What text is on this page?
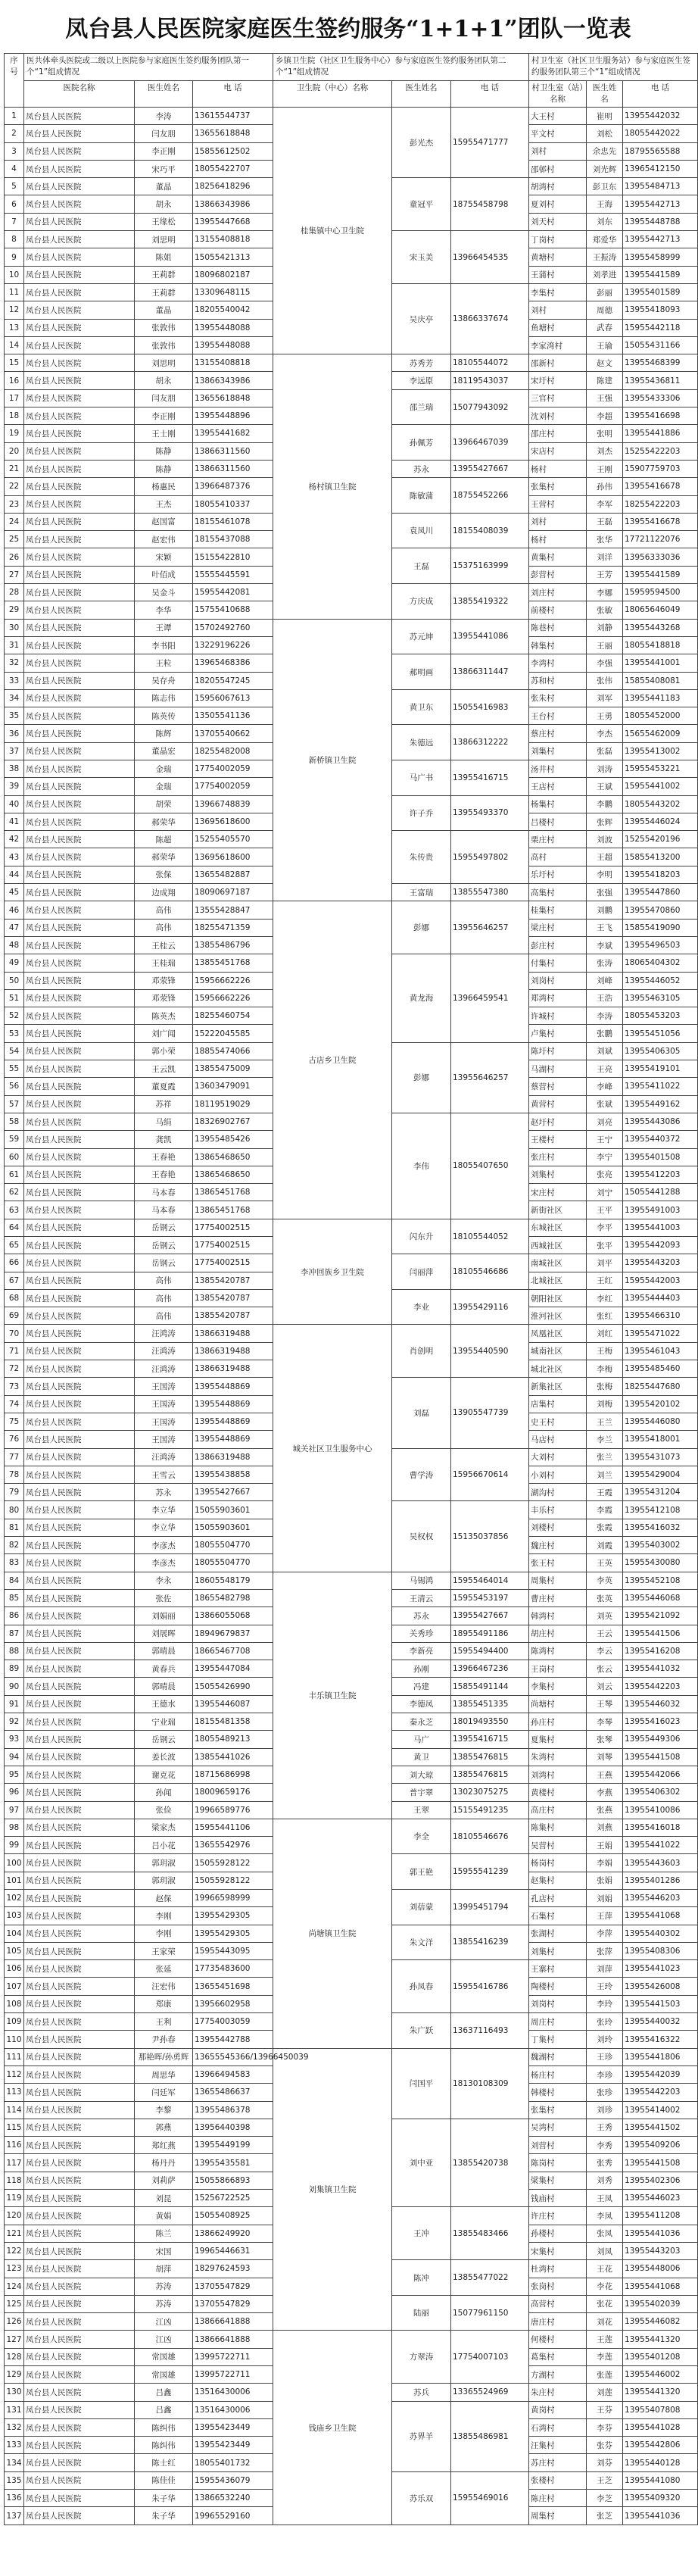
凤台县人民医院家庭医生签约服务“1+1+1”团队一览表
序号	医共体牵头医院或二级以上医院参与家庭医生签约服务团队第一个“1”组成情况			乡镇卫生院（社区卫生服务中心）参与家庭医生签约服务团队第二个“1”组成情况			村卫生室（社区卫生服务站）参与家庭医生签约服务团队第三个“1”组成情况		
	医院名称	医生姓名	电 话	卫生院（中心）名称	医生姓名	电 话	村卫生室（站）名称	医生姓名	电 话
1	凤台县人民医院	李涛	13615544737	桂集镇中心卫生院	彭光杰	15955471777	大王村	崔明	13955442032
2	凤台县人民医院	闫友朋	13655618848				平文村	刘松	18055442022
3	凤台县人民医院	李正刚	15855612502				刘村	余忠先	18795565588
4	凤台县人民医院	宋巧平	18055422707				邵邨村	刘光辉	13965412150
5	凤台县人民医院	董晶	18256418296		童冠平	18755458798	胡湾村	彭卫东	13955484713
6	凤台县人民医院	胡永	13866343986				夏刘村	王海	13955442713
7	凤台县人民医院	王缘松	13955447668				刘天村	刘东	13955448788
8	凤台县人民医院	刘思明	13155408818		宋玉美	13966454535	丁岗村	郑爱华	13955442713
9	凤台县人民医院	陈姐	15055421313				黄塘村	王振涛	13955458999
10	凤台县人民医院	王莉群	18096802187				王蒲村	刘孝进	13955441589
11	凤台县人民医院	王莉群	13309648115		吴庆亭	13866337674	李集村	彭丽	13955401589
12	凤台县人民医院	董晶	18205540042				刘村	周德	13955418093
13	凤台县人民医院	张敦伟	13955448088				鱼塘村	武春	15955442118
14	凤台县人民医院	张敦伟	13955448088				李家湾村	王瑜	15055431166
15	凤台县人民医院	刘思明	13155408818	杨村镇卫生院	苏秀芳	18105544072	邵新村	赵文	13955468399
16	凤台县人民医院	胡永	13866343986		李远原	18119543037	宋圩村	陈建	13955436811
17	凤台县人民医院	闫友朋	13655618848		邵兰瑞	15077943092	三官村	王强	13955433306
18	凤台县人民医院	李正刚	13955448896				沈刘村	李超	13955416698
19	凤台县人民医院	王士刚	13955441682		孙佩芳	13966467039	邵庄村	张明	13955441886
20	凤台县人民医院	陈静	13866311560				宋店村	刘杰	15255422203
21	凤台县人民医院	陈静	13866311560		苏永	13955427667	杨村	王刚	15907759703
22	凤台县人民医院	杨惠民	13966487376		陈敏蒲	18755452266	张集村	孙伟	13955416678
23	凤台县人民医院	王杰	18055410337				王营村	李军	18255422203
24	凤台县人民医院	赵国富	18155461078		袁凤川	18155408039	刘村	王磊	13955416678
25	凤台县人民医院	赵宏伟	18155437088				杨村	张华	17721122076
26	凤台县人民医院	宋颖	15155422810		王磊	15375163999	黄集村	刘洋	13956333036
27	凤台县人民医院	叶佰成	15555445591				彭营村	王芳	13955441589
28	凤台县人民医院	吴金斗	15955442081		方庆成	13855419322	刘庄村	李娜	15959594500
29	凤台县人民医院	李华	15755410688				前楼村	张敏	18065646049
30	凤台县人民医院	王谭	15702492760	新桥镇卫生院	苏元坤	13955441086	陈巷村	刘静	13955443268
31	凤台县人民医院	李书阳	13229196226				韩集村	王丽	18055418818
32	凤台县人民医院	王粒	13965468386		郝明画	13866311447	李湾村	李强	13955441001
33	凤台县人民医院	吴存舟	18205547245				苏和村	张伟	15855408081
34	凤台县人民医院	陈志伟	15956067613		黄卫东	15055416983	张朱村	刘军	13955441183
35	凤台县人民医院	陈英传	13505541136				王台村	王勇	18055452000
36	凤台县人民医院	陈辉	13705540662		朱德远	13866312222	蔡庄村	李杰	15655462009
37	凤台县人民医院	董晶宏	18255482008				刘集村	张磊	13955413002
38	凤台县人民医院	金瑞	17754002059		马广书	13955416715	汤井村	刘涛	15955453221
39	凤台县人民医院	金瑞	17754002059				王店村	王斌	15955441002
40	凤台县人民医院	胡荣	13966748839		许子乔	13955493370	杨集村	李鹏	18055443202
41	凤台县人民医院	郝荣华	13695618600				吕楼村	张辉	13955446024
42	凤台县人民医院	陈超	15255405570		朱传贵	15955497802	栗庄村	刘波	15255420196
43	凤台县人民医院	郝荣华	13695618600				高村	王超	15855413200
44	凤台县人民医院	张保	13655482887				乐圩村	李明	13955418203
45	凤台县人民医院	边成翔	18090697187		王富瑞	13855547380	高集村	张强	13955447860
46	凤台县人民医院	高伟	13555428847	古店乡卫生院	彭娜	13955646257	桂集村	刘鹏	13955470860
47	凤台县人民医院	高伟	18255471359				梁庄村	王飞	15855419090
48	凤台县人民医院	王桂云	13855486796				彭庄村	李斌	13955496503
49	凤台县人民医院	王桂瑞	13855451768		黄龙海	13966459541	付集村	张涛	18065404302
50	凤台县人民医院	邓荥锋	15956662226				刘岗村	刘峰	13955446052
51	凤台县人民医院	邓荥锋	15956662226				郑湾村	王浩	13955463105
52	凤台县人民医院	陈英杰	18255460754				许城村	李涛	18055453203
53	凤台县人民医院	刘广闻	15222045585				卢集村	张鹏	13955451056
54	凤台县人民医院	郭小荣	18855474066		彭娜	13955646257	陈圩村	刘斌	13955406305
55	凤台县人民医院	王云凯	13855475009				马湖村	王亮	13955419101
56	凤台县人民医院	董夏霞	13603479091				蔡营村	李峰	13955411022
57	凤台县人民医院	苏祥	18119519029				黄营村	张斌	13955449162
58	凤台县人民医院	马绢	18326902767		李伟	18055407650	赵圩村	刘亮	13955443086
59	凤台县人民医院	龚凯	13955485426				王楼村	王宁	13955440372
60	凤台县人民医院	王春艳	13865468650				张庄村	李宁	13955401508
61	凤台县人民医院	王春艳	13865468650				刘集村	张亮	13955412203
62	凤台县人民医院	马本春	13865451768				宋庄村	刘宁	15055441288
63	凤台县人民医院	马本春	13865451768				新街社区	王平	13955491003
64	凤台县人民医院	岳钢云	17754002515	李冲回族乡卫生院	闪东升	18105544052	东城社区	李平	13955441003
65	凤台县人民医院	岳钢云	17754002515				西城社区	张平	13955442093
66	凤台县人民医院	岳钢云	17754002515		闫丽萍	18105546686	南城社区	刘平	13955443203
67	凤台县人民医院	高伟	13855420787				北城社区	王红	15955442003
68	凤台县人民医院	高伟	13855420787		李业	13955429116	朝阳社区	李红	13955444403
69	凤台县人民医院	高伟	13855420787				淮河社区	张红	13955466310
70	凤台县人民医院	汪鸿涛	13866319488	城关社区卫生服务中心	肖创明	13955440590	凤凰社区	刘红	13955471022
71	凤台县人民医院	汪鸿涛	13866319488				城南社区	王梅	13955461043
72	凤台县人民医院	汪鸿涛	13866319488				城北社区	李梅	13955485460
73	凤台县人民医院	王国涛	13955448869		刘磊	13905547739	新集社区	张梅	18255447680
74	凤台县人民医院	王国涛	13955448869				店集村	刘梅	13955420102
75	凤台县人民医院	王国涛	13955448869				史王村	王兰	13955446080
76	凤台县人民医院	王国涛	13955448869				马店村	李兰	13955418001
77	凤台县人民医院	汪鸿涛	13866319488		曹学涛	15956670614	大刘村	张兰	13955431073
78	凤台县人民医院	王雪云	13955438858				小刘村	刘兰	13955429004
79	凤台县人民医院	苏永	13955427667				湖沟村	王霞	13955431204
80	凤台县人民医院	李立华	15055903601		吴权权	15135037856	丰乐村	李霞	13955412108
81	凤台县人民医院	李立华	15055903601				刘楼村	张霞	13955416032
82	凤台县人民医院	李彦杰	18055504770				魏庄村	刘霞	13955403002
83	凤台县人民医院	李彦杰	18055504770				张王村	王英	15955430080
84	凤台县人民医院	李永	18605548179	丰乐镇卫生院	马锡鸿	15955464014	周集村	李英	13955452108
85	凤台县人民医院	张佐	18655482798		王清云	15955453197	曹庄村	张英	13955446068
86	凤台县人民医院	刘娟丽	13866055068		苏永	13955427667	韩湾村	刘英	13955421092
87	凤台县人民医院	刘展晖	18949679837		关秀珍	18955491186	胡庄村	王云	13955441506
88	凤台县人民医院	郭晴晨	18665467708		李新亮	15955494400	陈湾村	李云	13955416208
89	凤台县人民医院	黄春兵	13955447084		孙刚	13966467236	王岗村	张云	13955441032
90	凤台县人民医院	郭晴晨	15055426990		冯建	15855491144	李集村	刘云	13955442203
91	凤台县人民医院	王德水	13955446087		李德凤	13855451335	尚塘村	王琴	13955446032
92	凤台县人民医院	宁业瑞	18155481358		秦永芝	18019493550	孙庄村	李琴	13955416023
93	凤台县人民医院	岳钢云	18055489213		马广	13955416715	夏集村	张琴	13955449306
94	凤台县人民医院	姜长波	13855441026		黄卫	13855476815	朱湾村	刘琴	13955441508
95	凤台县人民医院	谢克花	18715686998		刘大琼	13855476815	刘湾村	王燕	13955442066
96	凤台县人民医院	孙闻	18009659176		普宇翠	13023075275	黄楼村	李燕	13955406302
97	凤台县人民医院	张俭	19966589776		王翠	15155491235	高庄村	张燕	13955410086
98	凤台县人民医院	梁家杰	15955441106	尚塘镇卫生院	李全	18105546676	陈集村	刘燕	13955416018
99	凤台县人民医院	吕小花	13655542976				吴营村	王娟	13955441022
100	凤台县人民医院	郭玥淑	15055928122		郭王艳	15955541239	杨岗村	李娟	13955443603
101	凤台县人民医院	郭玥淑	15055928122				赵集村	张娟	13955401286
102	凤台县人民医院	赵保	19966598999		刘蓓蒙	13995451794	孔店村	刘娟	13955446203
103	凤台县人民医院	李刚	13955429305				石集村	王萍	13955441068
104	凤台县人民医院	李刚	13955429305		朱文洋	13855416239	张湖村	李萍	13955440302
105	凤台县人民医院	王家荣	15955443095				刘集村	张萍	13955408306
106	凤台县人民医院	张延	17735483600		孙凤春	15955416786	王寨村	刘萍	13955441023
107	凤台县人民医院	汪宏伟	13655451698				陶楼村	王玲	13955426008
108	凤台县人民医院	郑康	13956602958				刘岗村	李玲	13955441503
109	凤台县人民医院	王利	17754003059		朱广跃	13637116493	周庄村	张玲	13955440032
110	凤台县人民医院	尹孙春	13955442788				丁集村	刘玲	13955416322
111	凤台县人民医院	那艳晖/孙勇辉	13655545366/13966450039	刘集镇卫生院	闫国平	18130108309	魏湖村	王珍	13955441806
112	凤台县人民医院	周思华	13966494583				杨庄村	李珍	13955442039
113	凤台县人民医院	闫廷军	13655486637				韩楼村	张珍	13955442203
114	凤台县人民医院	李黎	13955486378				张集村	刘珍	13955414002
115	凤台县人民医院	郭燕	13956440398		刘中亚	13855420738	吴湾村	王秀	13955441502
116	凤台县人民医院	郑红燕	13955449199				刘营村	李秀	13955409206
117	凤台县人民医院	杨丹丹	13955435581				陈岗村	张秀	13955441508
118	凤台县人民医院	刘莉萨	15055866893				梁集村	刘秀	13955402306
119	凤台县人民医院	刘昆	15256722525				钱庙村	王凤	13955446023
120	凤台县人民医院	黄娟	15055408925		王冲	13855483466	许庄村	李凤	13955411208
121	凤台县人民医院	陈兰	13866249920				孙楼村	张凤	13955441036
122	凤台县人民医院	宋国	19965446631				宋集村	刘凤	13955443203
123	凤台县人民医院	胡萍	18297624593		陈冲	13855477022	杜湾村	王花	13955448006
124	凤台县人民医院	苏涛	13705547829				张岗村	李花	13955441068
125	凤台县人民医院	苏涛	13705547829		陆丽	15077961150	高营村	张花	13955402039
126	凤台县人民医院	江凶	13866641888				唐庄村	刘花	13955446082
127	凤台县人民医院	江凶	13866641888	钱庙乡卫生院	方翠涛	17754007103	何楼村	王莲	13955441320
128	凤台县人民医院	常国雄	13995722711				葛集村	李莲	13955401208
129	凤台县人民医院	常国雄	13995722711				方湖村	张莲	13955446002
130	凤台县人民医院	吕鑫	13516430006		苏兵	13365524969	朱庄村	刘莲	13955441320
131	凤台县人民医院	吕鑫	13516430006		苏界羊	13855486981	黄岗村	王芬	13955407808
132	凤台县人民医院	陈纠伟	13955423449				石湾村	李芬	13955441028
133	凤台县人民医院	陈纠伟	13955423449				汪集村	张芬	13955442806
134	凤台县人民医院	陈士红	18055401732				苏庄村	刘芬	13955440128
135	凤台县人民医院	陈佳佳	15955436079		苏乐双	15955469016	张楼村	王芝	13955441080
136	凤台县人民医院	朱子华	13866532240				陈庄村	李芝	13955409320
137	凤台县人民医院	朱子华	19965529160				周集村	张芝	13955441036
